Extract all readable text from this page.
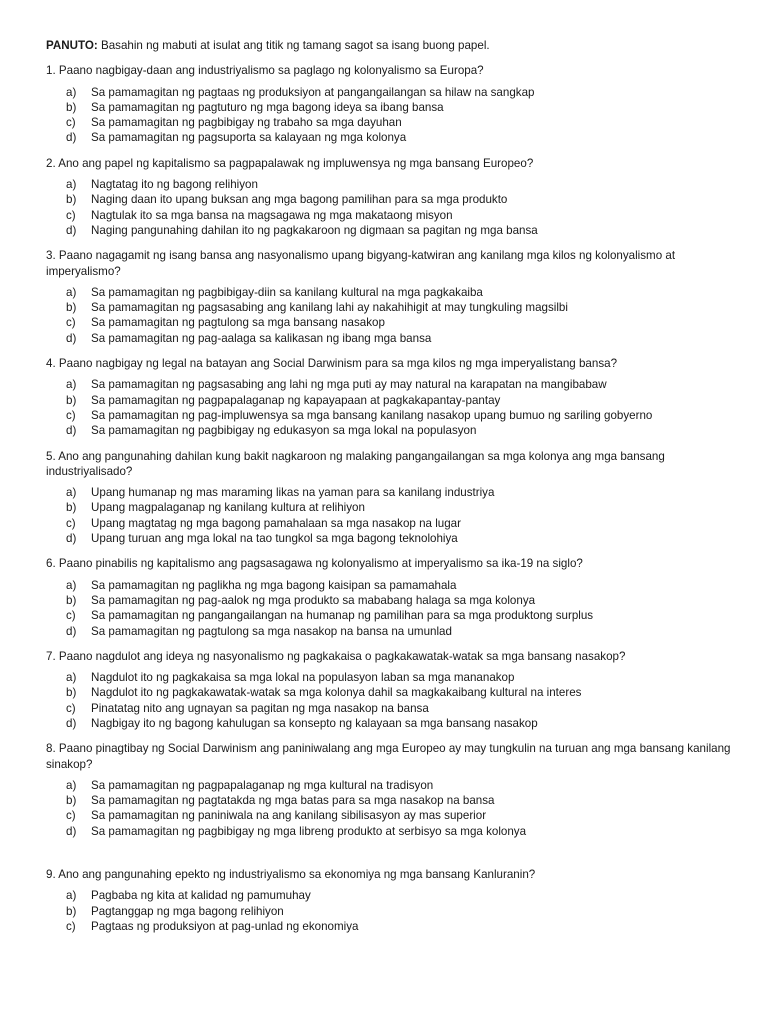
PANUTO: Basahin ng mabuti at isulat ang titik ng tamang sagot sa isang buong papel.

1. Paano nagbigay-daan ang industriyalismo sa paglago ng kolonyalismo sa Europa?

a)	Sa pamamagitan ng pagtaas ng produksiyon at pangangailangan sa hilaw na sangkap
b)	Sa pamamagitan ng pagtuturo ng mga bagong ideya sa ibang bansa
c)	Sa pamamagitan ng pagbibigay ng trabaho sa mga dayuhan
d)	Sa pamamagitan ng pagsuporta sa kalayaan ng mga kolonya

2. Ano ang papel ng kapitalismo sa pagpapalawak ng impluwensya ng mga bansang Europeo?

a)	Nagtatag ito ng bagong relihiyon
b)	Naging daan ito upang buksan ang mga bagong pamilihan para sa mga produkto
c)	Nagtulak ito sa mga bansa na magsagawa ng mga makataong misyon
d)	Naging pangunahing dahilan ito ng pagkakaroon ng digmaan sa pagitan ng mga bansa

3. Paano nagagamit ng isang bansa ang nasyonalismo upang bigyang-katwiran ang kanilang mga kilos ng kolonyalismo at imperyalismo?

a)	Sa pamamagitan ng pagbibigay-diin sa kanilang kultural na mga pagkakaiba
b)	Sa pamamagitan ng pagsasabing ang kanilang lahi ay nakahihigit at may tungkuling magsilbi
c)	Sa pamamagitan ng pagtulong sa mga bansang nasakop
d)	Sa pamamagitan ng pag-aalaga sa kalikasan ng ibang mga bansa

4. Paano nagbigay ng legal na batayan ang Social Darwinism para sa mga kilos ng mga imperyalistang bansa?

a)	Sa pamamagitan ng pagsasabing ang lahi ng mga puti ay may natural na karapatan na mangibabaw
b)	Sa pamamagitan ng pagpapalaganap ng kapayapaan at pagkakapantay-pantay
c)	Sa pamamagitan ng pag-impluwensya sa mga bansang kanilang nasakop upang bumuo ng sariling gobyerno
d)	Sa pamamagitan ng pagbibigay ng edukasyon sa mga lokal na populasyon

5. Ano ang pangunahing dahilan kung bakit nagkaroon ng malaking pangangailangan sa mga kolonya ang mga bansang industriyalisado?

a)	Upang humanap ng mas maraming likas na yaman para sa kanilang industriya
b)	Upang magpalaganap ng kanilang kultura at relihiyon
c)	Upang magtatag ng mga bagong pamahalaan sa mga nasakop na lugar
d)	Upang turuan ang mga lokal na tao tungkol sa mga bagong teknolohiya

6. Paano pinabilis ng kapitalismo ang pagsasagawa ng kolonyalismo at imperyalismo sa ika-19 na siglo?

a)	Sa pamamagitan ng paglikha ng mga bagong kaisipan sa pamamahala
b)	Sa pamamagitan ng pag-aalok ng mga produkto sa mababang halaga sa mga kolonya
c)	Sa pamamagitan ng pangangailangan na humanap ng pamilihan para sa mga produktong surplus
d)	Sa pamamagitan ng pagtulong sa mga nasakop na bansa na umunlad

7. Paano nagdulot ang ideya ng nasyonalismo ng pagkakaisa o pagkakawatak-watak sa mga bansang nasakop?

a)	Nagdulot ito ng pagkakaisa sa mga lokal na populasyon laban sa mga mananakop
b)	Nagdulot ito ng pagkakawatak-watak sa mga kolonya dahil sa magkakaibang kultural na interes
c)	Pinatatag nito ang ugnayan sa pagitan ng mga nasakop na bansa
d)	Nagbigay ito ng bagong kahulugan sa konsepto ng kalayaan sa mga bansang nasakop

8. Paano pinagtibay ng Social Darwinism ang paniniwalang ang mga Europeo ay may tungkulin na turuan ang mga bansang kanilang sinakop?

a)	Sa pamamagitan ng pagpapalaganap ng mga kultural na tradisyon
b)	Sa pamamagitan ng pagtatakda ng mga batas para sa mga nasakop na bansa
c)	Sa pamamagitan ng paniniwala na ang kanilang sibilisasyon ay mas superior
d)	Sa pamamagitan ng pagbibigay ng mga libreng produkto at serbisyo sa mga kolonya

9. Ano ang pangunahing epekto ng industriyalismo sa ekonomiya ng mga bansang Kanluranin?

a)	Pagbaba ng kita at kalidad ng pamumuhay
b)	Pagtanggap ng mga bagong relihiyon
c)	Pagtaas ng produksiyon at pag-unlad ng ekonomiya
